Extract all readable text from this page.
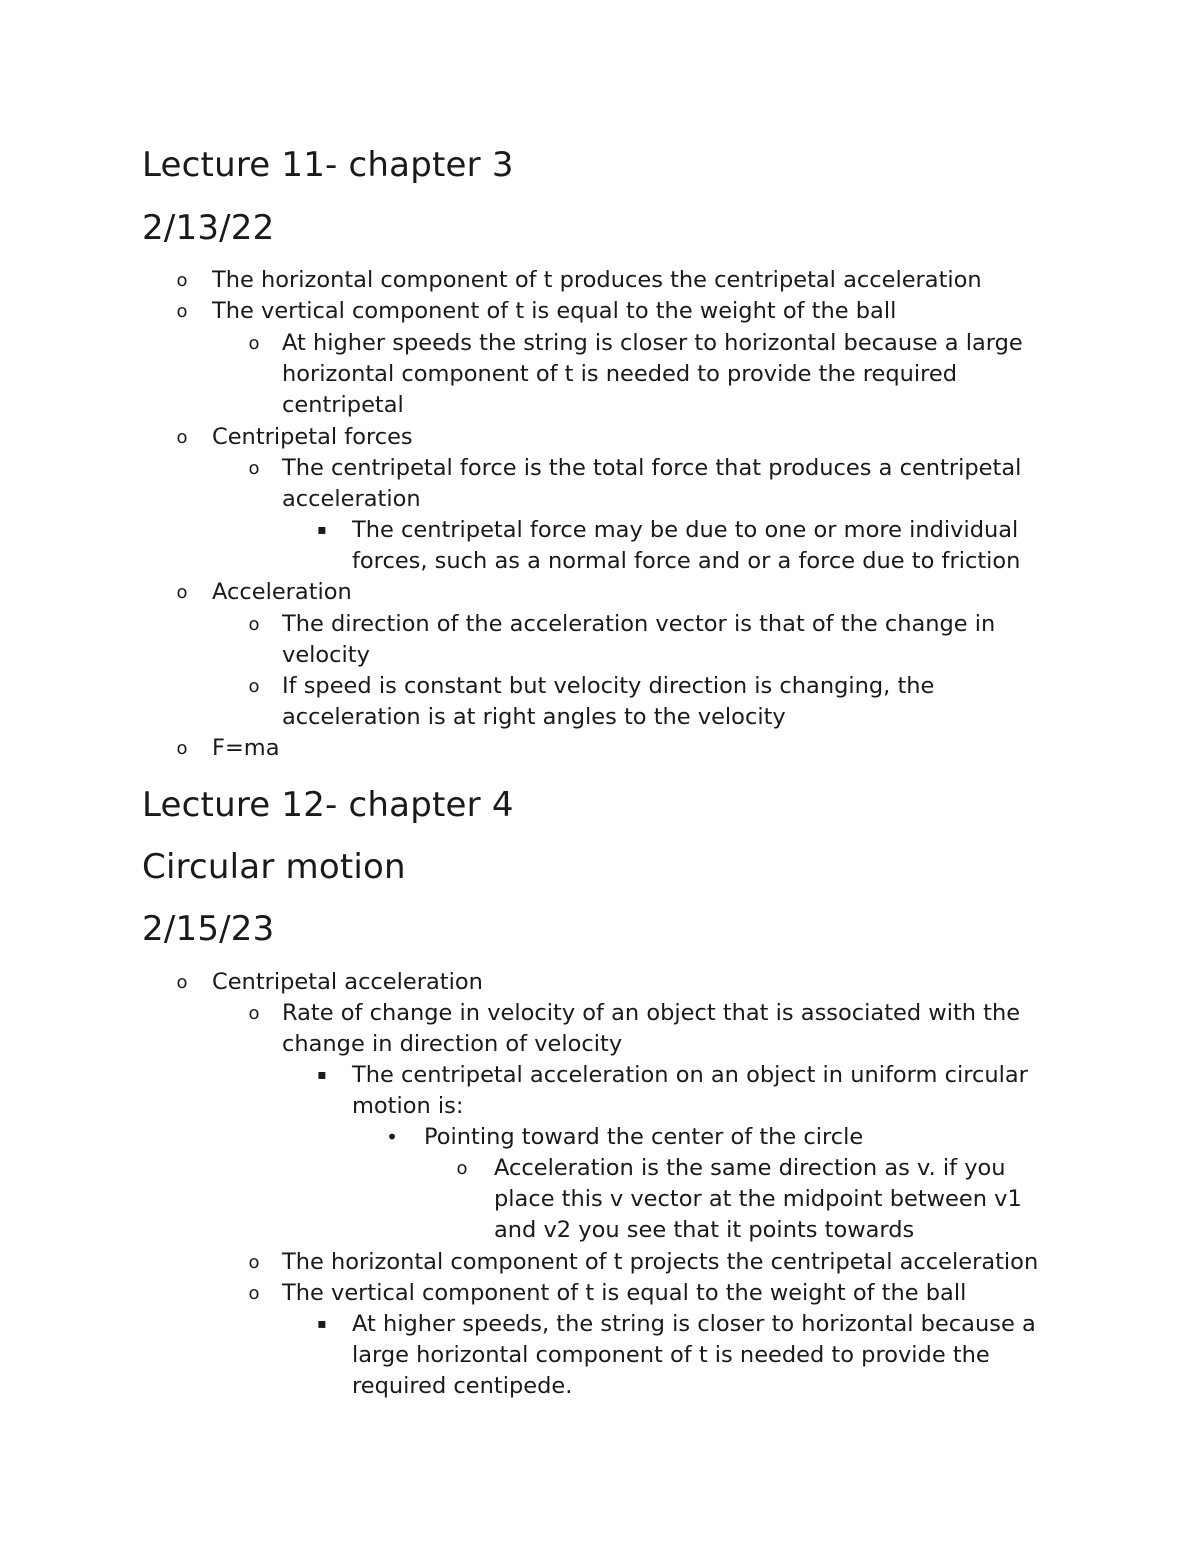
Lecture 11- chapter 3
2/13/22
o The horizontal component of t produces the centripetal acceleration
o The vertical component of t is equal to the weight of the ball
o At higher speeds the string is closer to horizontal because a large horizontal component of t is needed to provide the required centripetal
o Centripetal forces
o The centripetal force is the total force that produces a centripetal acceleration
▪ The centripetal force may be due to one or more individual forces, such as a normal force and or a force due to friction
o Acceleration
o The direction of the acceleration vector is that of the change in velocity
o If speed is constant but velocity direction is changing, the acceleration is at right angles to the velocity
o F=ma
Lecture 12- chapter 4
Circular motion
2/15/23
o Centripetal acceleration
o Rate of change in velocity of an object that is associated with the change in direction of velocity
▪ The centripetal acceleration on an object in uniform circular motion is:
• Pointing toward the center of the circle
o Acceleration is the same direction as v. if you place this v vector at the midpoint between v1 and v2 you see that it points towards
o The horizontal component of t projects the centripetal acceleration
o The vertical component of t is equal to the weight of the ball
▪ At higher speeds, the string is closer to horizontal because a large horizontal component of t is needed to provide the required centipede.
